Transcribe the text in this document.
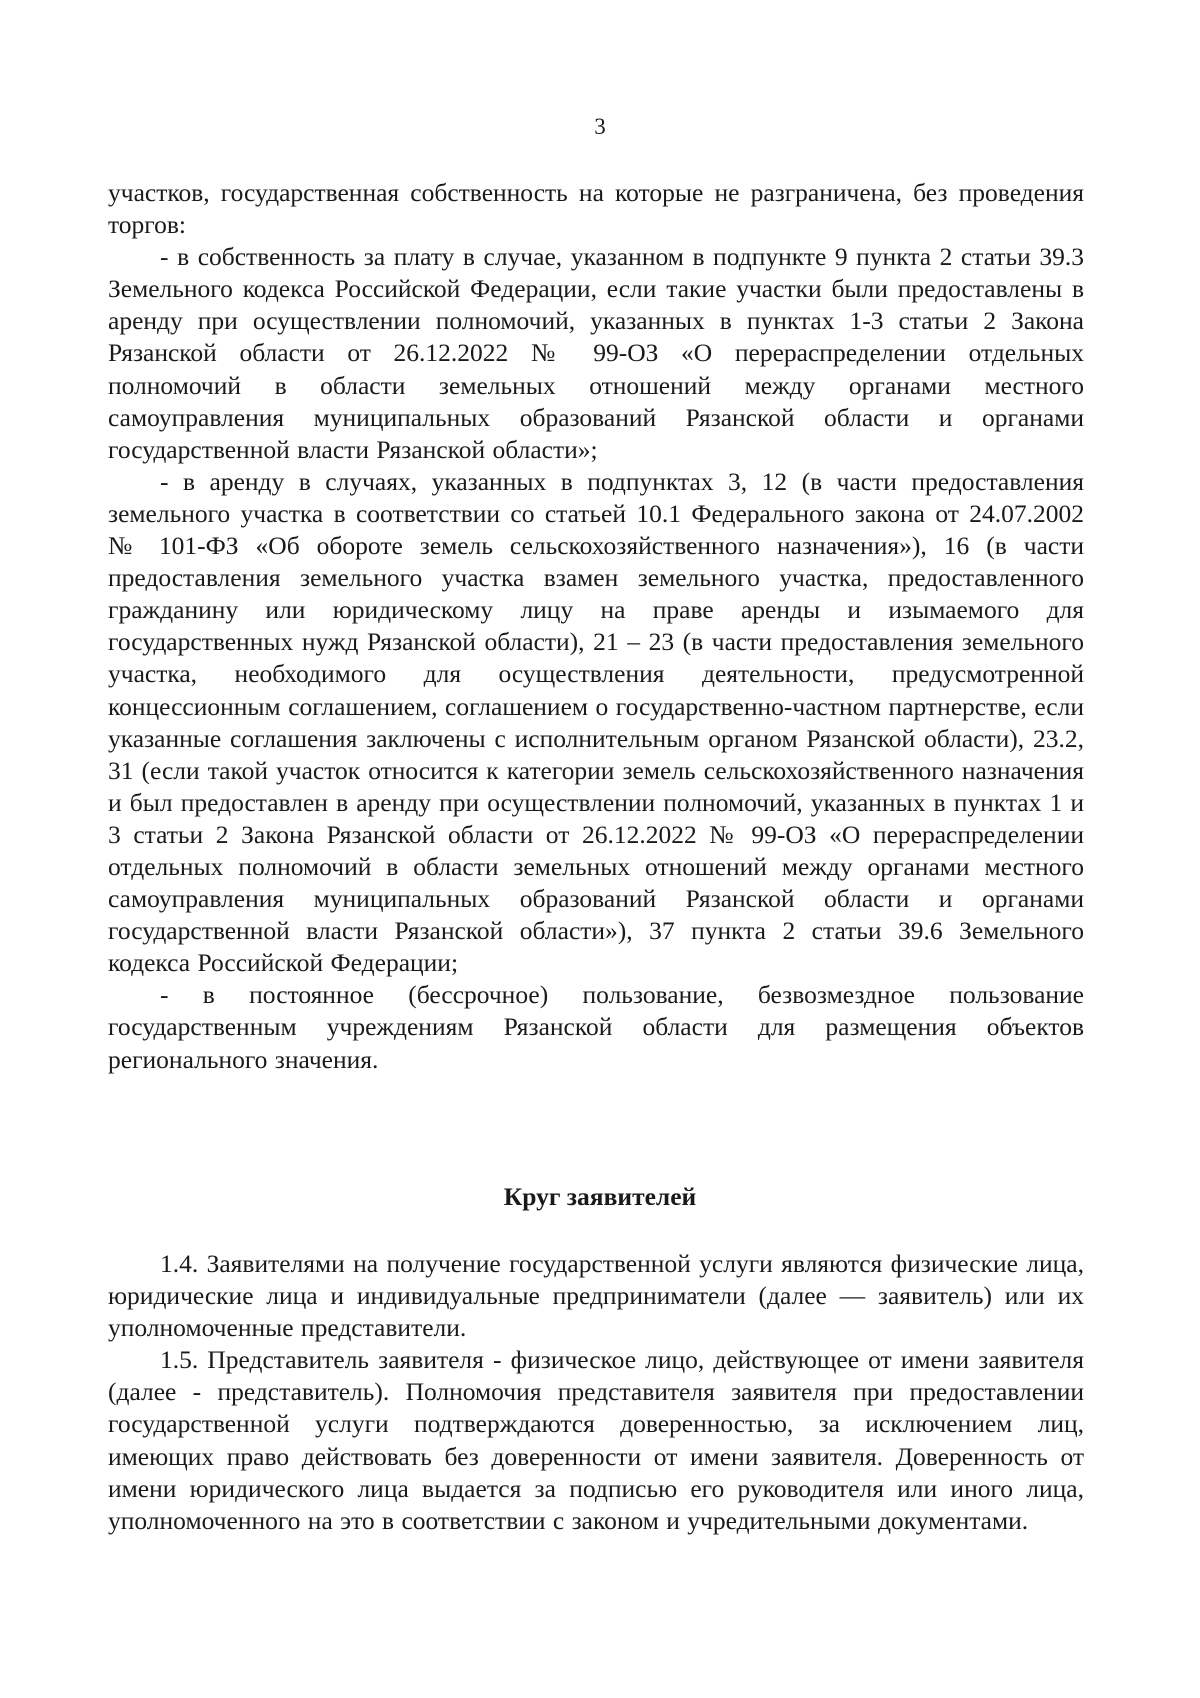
3

участков, государственная собственность на которые не разграничена, без проведения торгов:

- в собственность за плату в случае, указанном в подпункте 9 пункта 2 статьи 39.3 Земельного кодекса Российской Федерации, если такие участки были предоставлены в аренду при осуществлении полномочий, указанных в пунктах 1-3 статьи 2 Закона Рязанской области от 26.12.2022 № 99-ОЗ «О перераспределении отдельных полномочий в области земельных отношений между органами местного самоуправления муниципальных образований Рязанской области и органами государственной власти Рязанской области»;

- в аренду в случаях, указанных в подпунктах 3, 12 (в части предоставления земельного участка в соответствии со статьей 10.1 Федерального закона от 24.07.2002 № 101-ФЗ «Об обороте земель сельскохозяйственного назначения»), 16 (в части предоставления земельного участка взамен земельного участка, предоставленного гражданину или юридическому лицу на праве аренды и изымаемого для государственных нужд Рязанской области), 21 – 23 (в части предоставления земельного участка, необходимого для осуществления деятельности, предусмотренной концессионным соглашением, соглашением о государственно-частном партнерстве, если указанные соглашения заключены с исполнительным органом Рязанской области), 23.2, 31 (если такой участок относится к категории земель сельскохозяйственного назначения и был предоставлен в аренду при осуществлении полномочий, указанных в пунктах 1 и 3 статьи 2 Закона Рязанской области от 26.12.2022 № 99-ОЗ «О перераспределении отдельных полномочий в области земельных отношений между органами местного самоуправления муниципальных образований Рязанской области и органами государственной власти Рязанской области»), 37 пункта 2 статьи 39.6 Земельного кодекса Российской Федерации;

- в постоянное (бессрочное) пользование, безвозмездное пользование государственным учреждениям Рязанской области для размещения объектов регионального значения.

Круг заявителей

1.4. Заявителями на получение государственной услуги являются физические лица, юридические лица и индивидуальные предприниматели (далее — заявитель) или их уполномоченные представители.

1.5. Представитель заявителя - физическое лицо, действующее от имени заявителя (далее - представитель). Полномочия представителя заявителя при предоставлении государственной услуги подтверждаются доверенностью, за исключением лиц, имеющих право действовать без доверенности от имени заявителя. Доверенность от имени юридического лица выдается за подписью его руководителя или иного лица, уполномоченного на это в соответствии с законом и учредительными документами.
